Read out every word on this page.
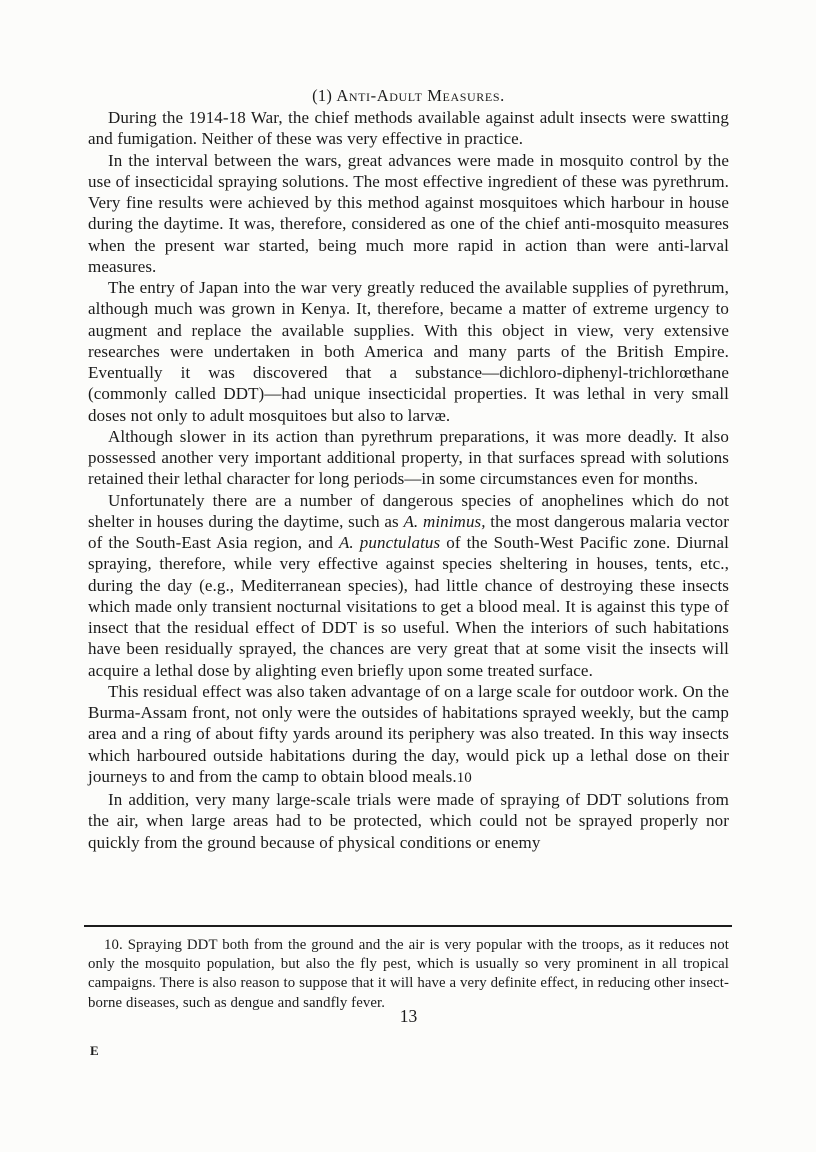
(1) Anti-Adult Measures.

During the 1914-18 War, the chief methods available against adult insects were swatting and fumigation. Neither of these was very effective in practice.

In the interval between the wars, great advances were made in mosquito control by the use of insecticidal spraying solutions. The most effective ingredient of these was pyrethrum. Very fine results were achieved by this method against mosquitoes which harbour in house during the daytime. It was, therefore, considered as one of the chief anti-mosquito measures when the present war started, being much more rapid in action than were anti-larval measures.

The entry of Japan into the war very greatly reduced the available supplies of pyrethrum, although much was grown in Kenya. It, therefore, became a matter of extreme urgency to augment and replace the available supplies. With this object in view, very extensive researches were undertaken in both America and many parts of the British Empire. Eventually it was discovered that a substance—dichloro-diphenyl-trichlorœthane (commonly called DDT)—had unique insecticidal properties. It was lethal in very small doses not only to adult mosquitoes but also to larvæ.

Although slower in its action than pyrethrum preparations, it was more deadly. It also possessed another very important additional property, in that surfaces spread with solutions retained their lethal character for long periods—in some circumstances even for months.

Unfortunately there are a number of dangerous species of anophelines which do not shelter in houses during the daytime, such as A. minimus, the most dangerous malaria vector of the South-East Asia region, and A. punctulatus of the South-West Pacific zone. Diurnal spraying, therefore, while very effective against species sheltering in houses, tents, etc., during the day (e.g., Mediterranean species), had little chance of destroying these insects which made only transient nocturnal visitations to get a blood meal. It is against this type of insect that the residual effect of DDT is so useful. When the interiors of such habitations have been residually sprayed, the chances are very great that at some visit the insects will acquire a lethal dose by alighting even briefly upon some treated surface.

This residual effect was also taken advantage of on a large scale for outdoor work. On the Burma-Assam front, not only were the outsides of habitations sprayed weekly, but the camp area and a ring of about fifty yards around its periphery was also treated. In this way insects which harboured outside habitations during the day, would pick up a lethal dose on their journeys to and from the camp to obtain blood meals.10

In addition, very many large-scale trials were made of spraying of DDT solutions from the air, when large areas had to be protected, which could not be sprayed properly nor quickly from the ground because of physical conditions or enemy

10. Spraying DDT both from the ground and the air is very popular with the troops, as it reduces not only the mosquito population, but also the fly pest, which is usually so very prominent in all tropical campaigns. There is also reason to suppose that it will have a very definite effect, in reducing other insect-borne diseases, such as dengue and sandfly fever.
13
E
